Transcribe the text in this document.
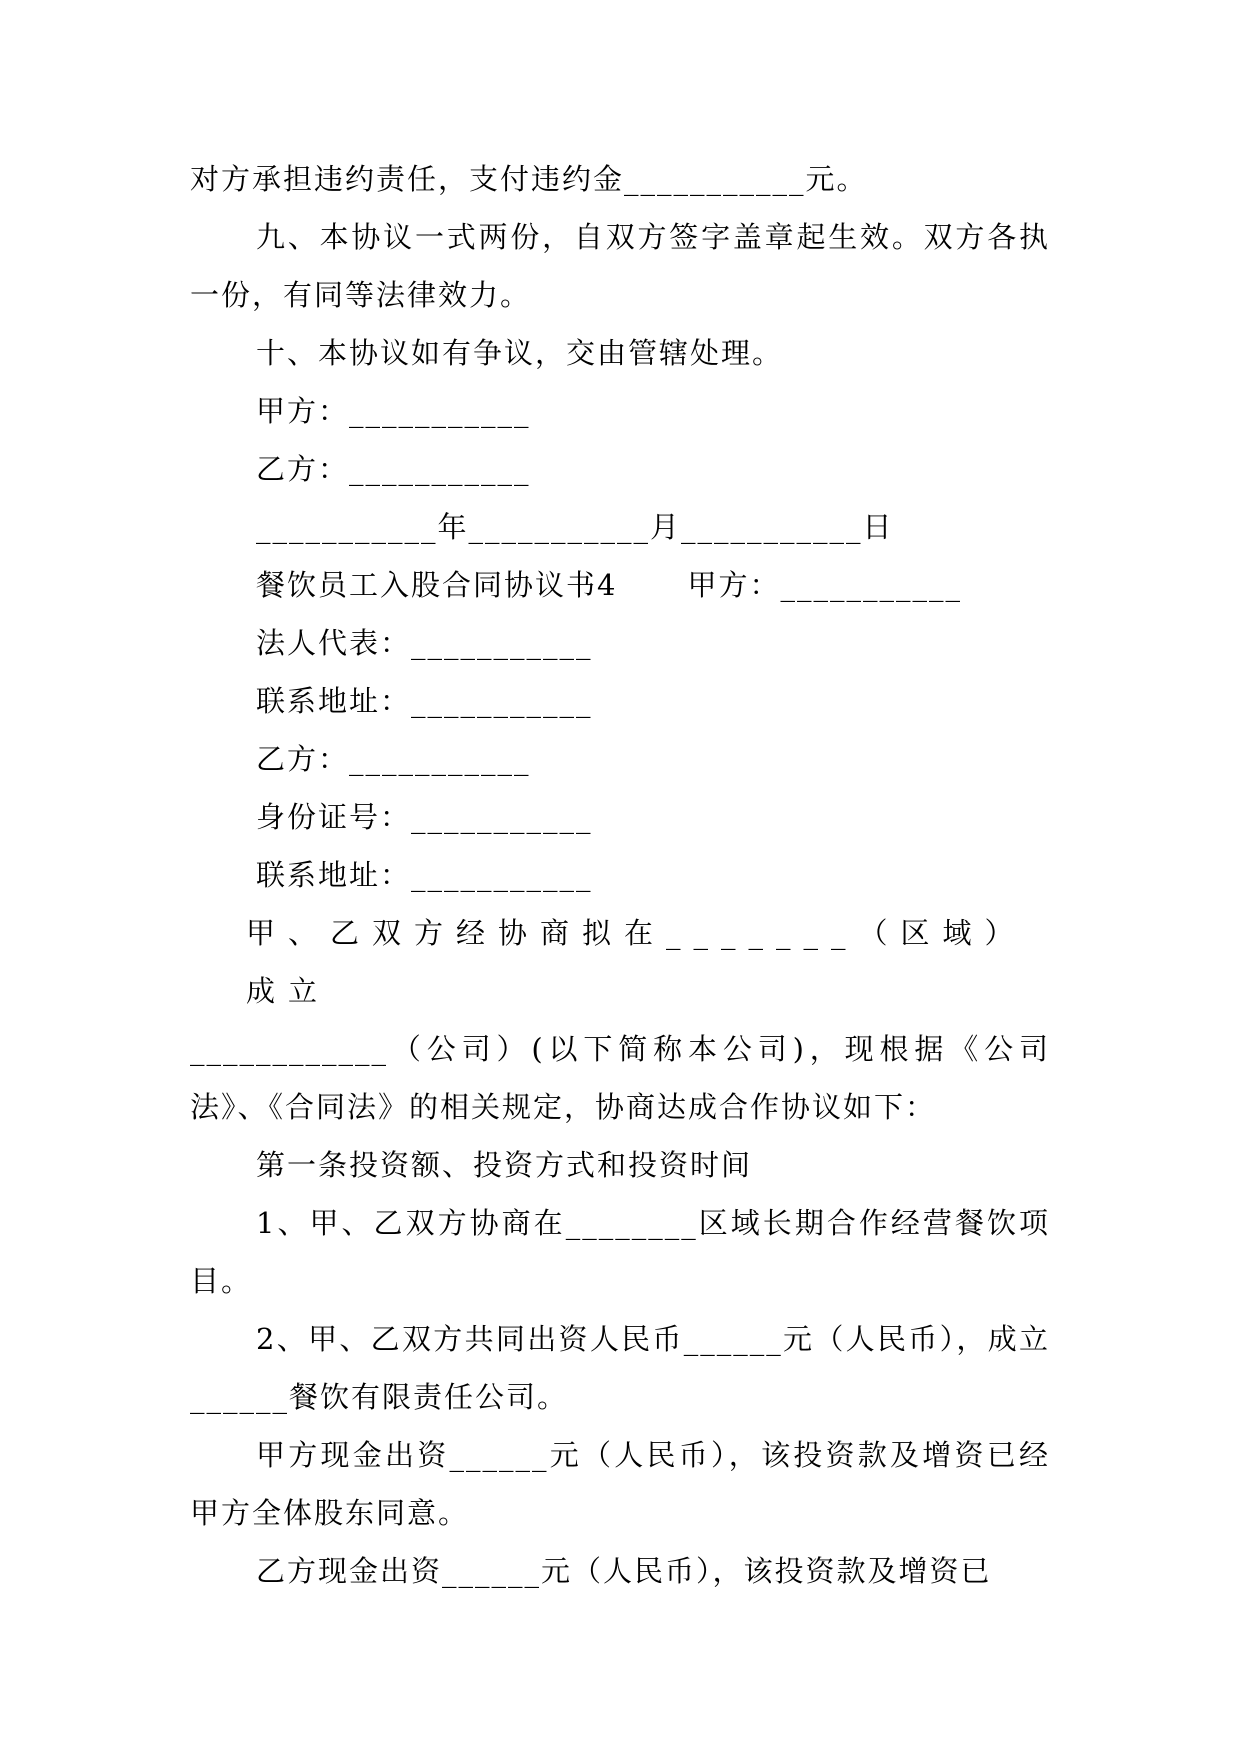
对方承担违约责任，支付违约金___________元。

九、本协议一式两份，自双方签字盖章起生效。双方各执一份，有同等法律效力。

十、本协议如有争议，交由管辖处理。

甲方：___________

乙方：___________

___________年___________月___________日

餐饮员工入股合同协议书4 甲方：___________

法人代表：___________

联系地址：___________

乙方：___________

身份证号：___________

联系地址：___________

甲、乙双方经协商拟在_______（区域）成立

____________（公司）(以下简称本公司)，现根据《公司法》、《合同法》的相关规定，协商达成合作协议如下：

第一条投资额、投资方式和投资时间

1、甲、乙双方协商在________区域长期合作经营餐饮项目。

2、甲、乙双方共同出资人民币______元（人民币），成立______餐饮有限责任公司。

甲方现金出资______元（人民币），该投资款及增资已经甲方全体股东同意。

乙方现金出资______元（人民币），该投资款及增资已
